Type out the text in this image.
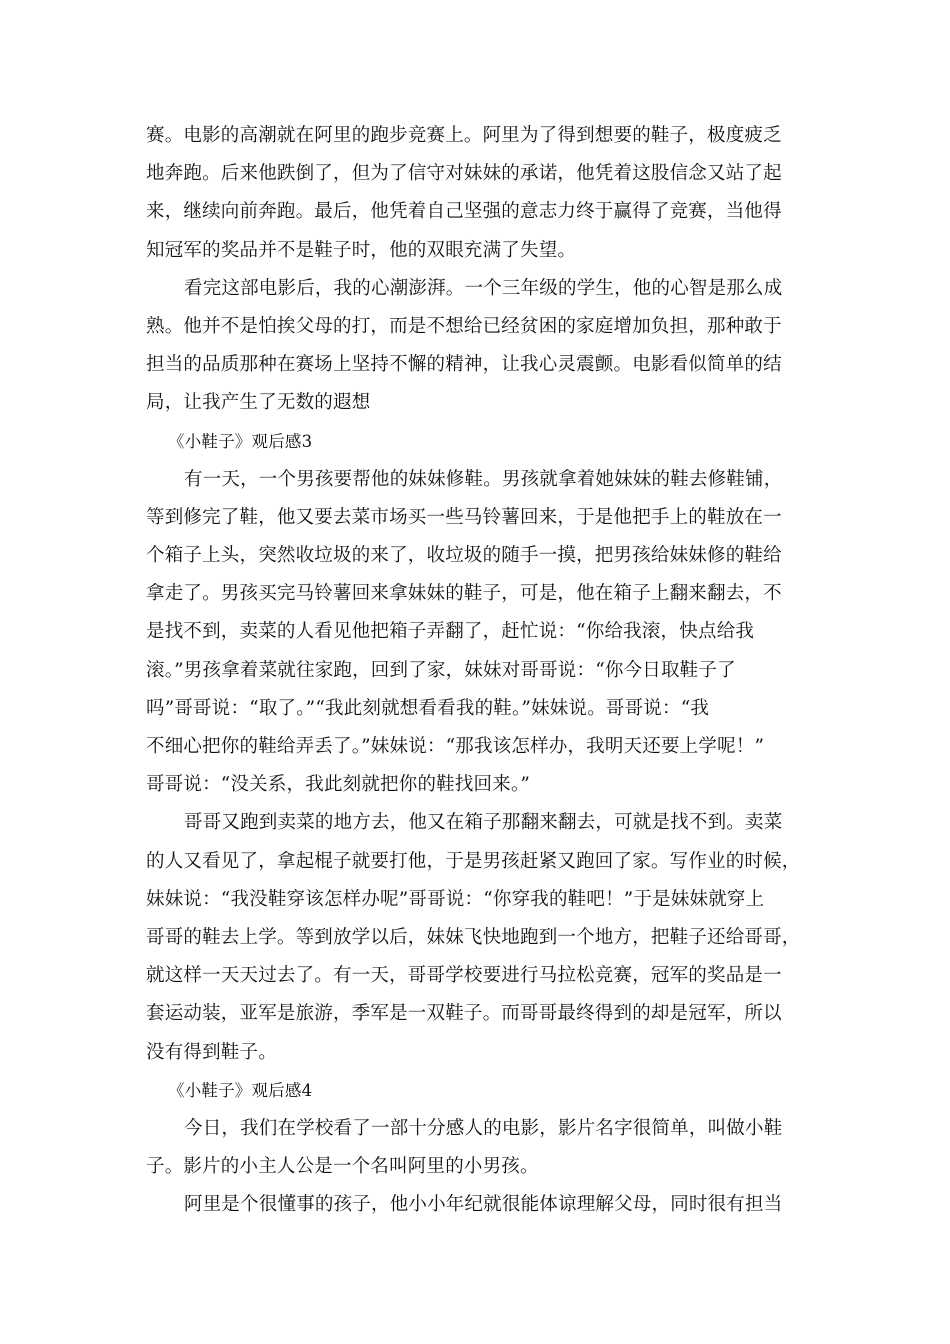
赛。电影的高潮就在阿里的跑步竞赛上。阿里为了得到想要的鞋子，极度疲乏
地奔跑。后来他跌倒了，但为了信守对妹妹的承诺，他凭着这股信念又站了起
来，继续向前奔跑。最后，他凭着自己坚强的意志力终于赢得了竞赛，当他得
知冠军的奖品并不是鞋子时，他的双眼充满了失望。
看完这部电影后，我的心潮澎湃。一个三年级的学生，他的心智是那么成
熟。他并不是怕挨父母的打，而是不想给已经贫困的家庭增加负担，那种敢于
担当的品质那种在赛场上坚持不懈的精神，让我心灵震颤。电影看似简单的结
局，让我产生了无数的遐想
《小鞋子》观后感3
有一天，一个男孩要帮他的妹妹修鞋。男孩就拿着她妹妹的鞋去修鞋铺，
等到修完了鞋，他又要去菜市场买一些马铃薯回来，于是他把手上的鞋放在一
个箱子上头，突然收垃圾的来了，收垃圾的随手一摸，把男孩给妹妹修的鞋给
拿走了。男孩买完马铃薯回来拿妹妹的鞋子，可是，他在箱子上翻来翻去，不
是找不到，卖菜的人看见他把箱子弄翻了，赶忙说：“你给我滚，快点给我
滚。”男孩拿着菜就往家跑，回到了家，妹妹对哥哥说：“你今日取鞋子了
吗”哥哥说：“取了。”“我此刻就想看看我的鞋。”妹妹说。哥哥说：“我
不细心把你的鞋给弄丢了。”妹妹说：“那我该怎样办，我明天还要上学呢！”
哥哥说：“没关系，我此刻就把你的鞋找回来。”
哥哥又跑到卖菜的地方去，他又在箱子那翻来翻去，可就是找不到。卖菜
的人又看见了，拿起棍子就要打他，于是男孩赶紧又跑回了家。写作业的时候，
妹妹说：“我没鞋穿该怎样办呢”哥哥说：“你穿我的鞋吧！”于是妹妹就穿上
哥哥的鞋去上学。等到放学以后，妹妹飞快地跑到一个地方，把鞋子还给哥哥，
就这样一天天过去了。有一天，哥哥学校要进行马拉松竞赛，冠军的奖品是一
套运动装，亚军是旅游，季军是一双鞋子。而哥哥最终得到的却是冠军，所以
没有得到鞋子。
《小鞋子》观后感4
今日，我们在学校看了一部十分感人的电影，影片名字很简单，叫做小鞋
子。影片的小主人公是一个名叫阿里的小男孩。
阿里是个很懂事的孩子，他小小年纪就很能体谅理解父母，同时很有担当
